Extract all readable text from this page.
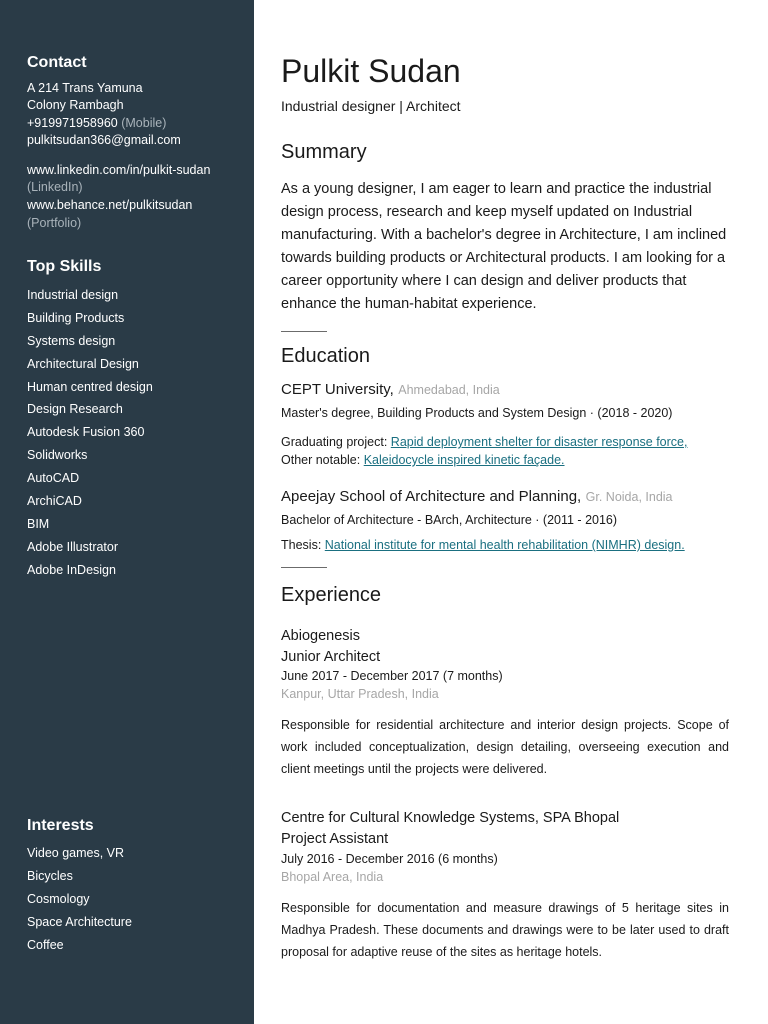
Contact
A 214 Trans Yamuna
Colony Rambagh
+919971958960 (Mobile)
pulkitsudan366@gmail.com
www.linkedin.com/in/pulkit-sudan
(LinkedIn)
www.behance.net/pulkitsudan
(Portfolio)
Top Skills
Industrial design
Building Products
Systems design
Architectural Design
Human centred design
Design Research
Autodesk Fusion 360
Solidworks
AutoCAD
ArchiCAD
BIM
Adobe Illustrator
Adobe InDesign
Interests
Video games, VR
Bicycles
Cosmology
Space Architecture
Coffee
Pulkit Sudan
Industrial designer | Architect
Summary

As a young designer, I am eager to learn and practice the industrial design process, research and keep myself updated on Industrial manufacturing. With a bachelor's degree in Architecture, I am inclined towards building products or Architectural products. I am looking for a career opportunity where I can design and deliver products that enhance the human-habitat experience.

Education
CEPT University, Ahmedabad, India
Master's degree, Building Products and System Design · (2018 - 2020)
Graduating project: Rapid deployment shelter for disaster response force,
Other notable: Kaleidocycle inspired kinetic façade.
Apeejay School of Architecture and Planning, Gr. Noida, India
Bachelor of Architecture - BArch, Architecture · (2011 - 2016)
Thesis: National institute for mental health rehabilitation (NIMHR) design.
Experience
Abiogenesis
Junior Architect
June 2017 - December 2017 (7 months)
Kanpur, Uttar Pradesh, India

Responsible for residential architecture and interior design projects. Scope of work included conceptualization, design detailing, overseeing execution and client meetings until the projects were delivered.

Centre for Cultural Knowledge Systems, SPA Bhopal
Project Assistant
July 2016 - December 2016 (6 months)
Bhopal Area, India

Responsible for documentation and measure drawings of 5 heritage sites in Madhya Pradesh. These documents and drawings were to be later used to draft proposal for adaptive reuse of the sites as heritage hotels.
